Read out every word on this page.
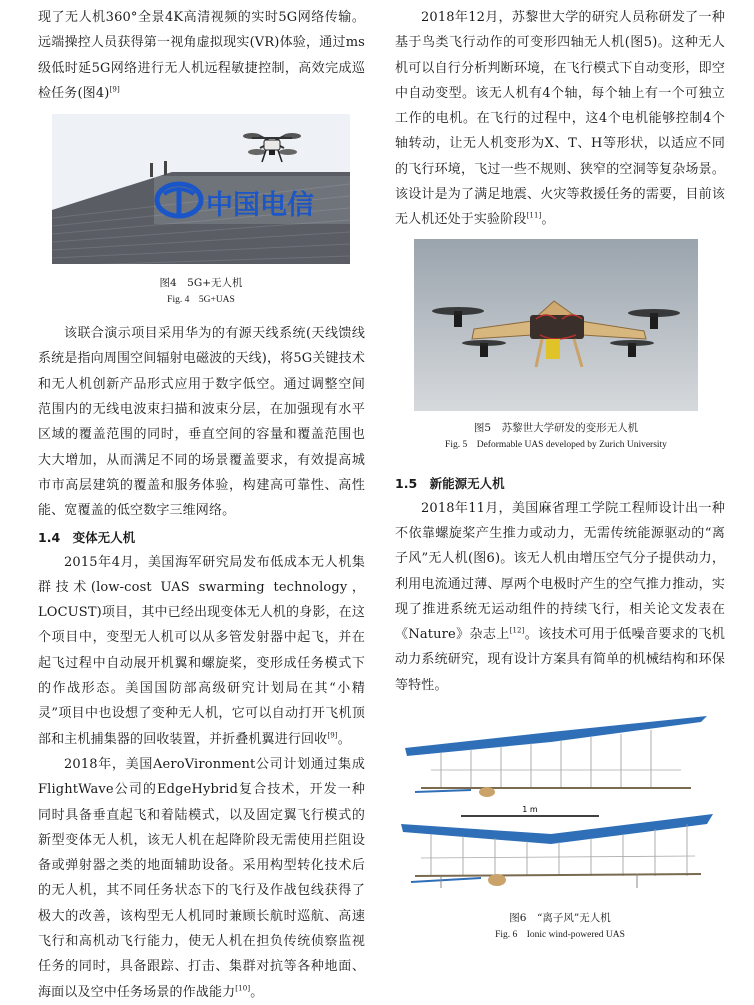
现了无人机360°全景4K高清视频的实时5G网络传输。远端操控人员获得第一视角虚拟现实(VR)体验，通过ms级低时延5G网络进行无人机远程敏捷控制，高效完成巡检任务(图4)[9]

中国电信

图4　5G+无人机

Fig. 4　5G+UAS

该联合演示项目采用华为的有源天线系统(天线馈线系统是指向周围空间辐射电磁波的天线)，将5G关键技术和无人机创新产品形式应用于数字低空。通过调整空间范围内的无线电波束扫描和波束分层，在加强现有水平区域的覆盖范围的同时，垂直空间的容量和覆盖范围也大大增加，从而满足不同的场景覆盖要求，有效提高城市市高层建筑的覆盖和服务体验，构建高可靠性、高性能、宽覆盖的低空数字三维网络。

1.4　变体无人机

2015年4月，美国海军研究局发布低成本无人机集群技术(low-cost UAS swarming technology，LOCUST)项目，其中已经出现变体无人机的身影，在这个项目中，变型无人机可以从多管发射器中起飞，并在起飞过程中自动展开机翼和螺旋桨，变形成任务模式下的作战形态。美国国防部高级研究计划局在其“小精灵”项目中也设想了变种无人机，它可以自动打开飞机顶部和主机捕集器的回收装置，并折叠机翼进行回收[9]。

2018年，美国AeroVironment公司计划通过集成FlightWave公司的EdgeHybrid复合技术，开发一种同时具备垂直起飞和着陆模式，以及固定翼飞行模式的新型变体无人机，该无人机在起降阶段无需使用拦阻设备或弹射器之类的地面辅助设备。采用构型转化技术后的无人机，其不同任务状态下的飞行及作战包线获得了极大的改善，该构型无人机同时兼顾长航时巡航、高速飞行和高机动飞行能力，使无人机在担负传统侦察监视任务的同时，具备跟踪、打击、集群对抗等各种地面、海面以及空中任务场景的作战能力[10]。

2018年12月，苏黎世大学的研究人员称研发了一种基于鸟类飞行动作的可变形四轴无人机(图5)。这种无人机可以自行分析判断环境，在飞行模式下自动变形，即空中自动变型。该无人机有4个轴，每个轴上有一个可独立工作的电机。在飞行的过程中，这4个电机能够控制4个轴转动，让无人机变形为X、T、H等形状，以适应不同的飞行环境，飞过一些不规则、狭窄的空洞等复杂场景。该设计是为了满足地震、火灾等救援任务的需要，目前该无人机还处于实验阶段[11]。

图5　苏黎世大学研发的变形无人机

Fig. 5　Deformable UAS developed by Zurich University

1.5　新能源无人机

2018年11月，美国麻省理工学院工程师设计出一种不依靠螺旋桨产生推力或动力，无需传统能源驱动的“离子风”无人机(图6)。该无人机由增压空气分子提供动力，利用电流通过薄、厚两个电极时产生的空气推力推动，实现了推进系统无运动组件的持续飞行，相关论文发表在《Nature》杂志上[12]。该技术可用于低噪音要求的飞机动力系统研究，现有设计方案具有简单的机械结构和环保等特性。

1 m

图6　“离子风”无人机

Fig. 6　Ionic wind-powered UAS
